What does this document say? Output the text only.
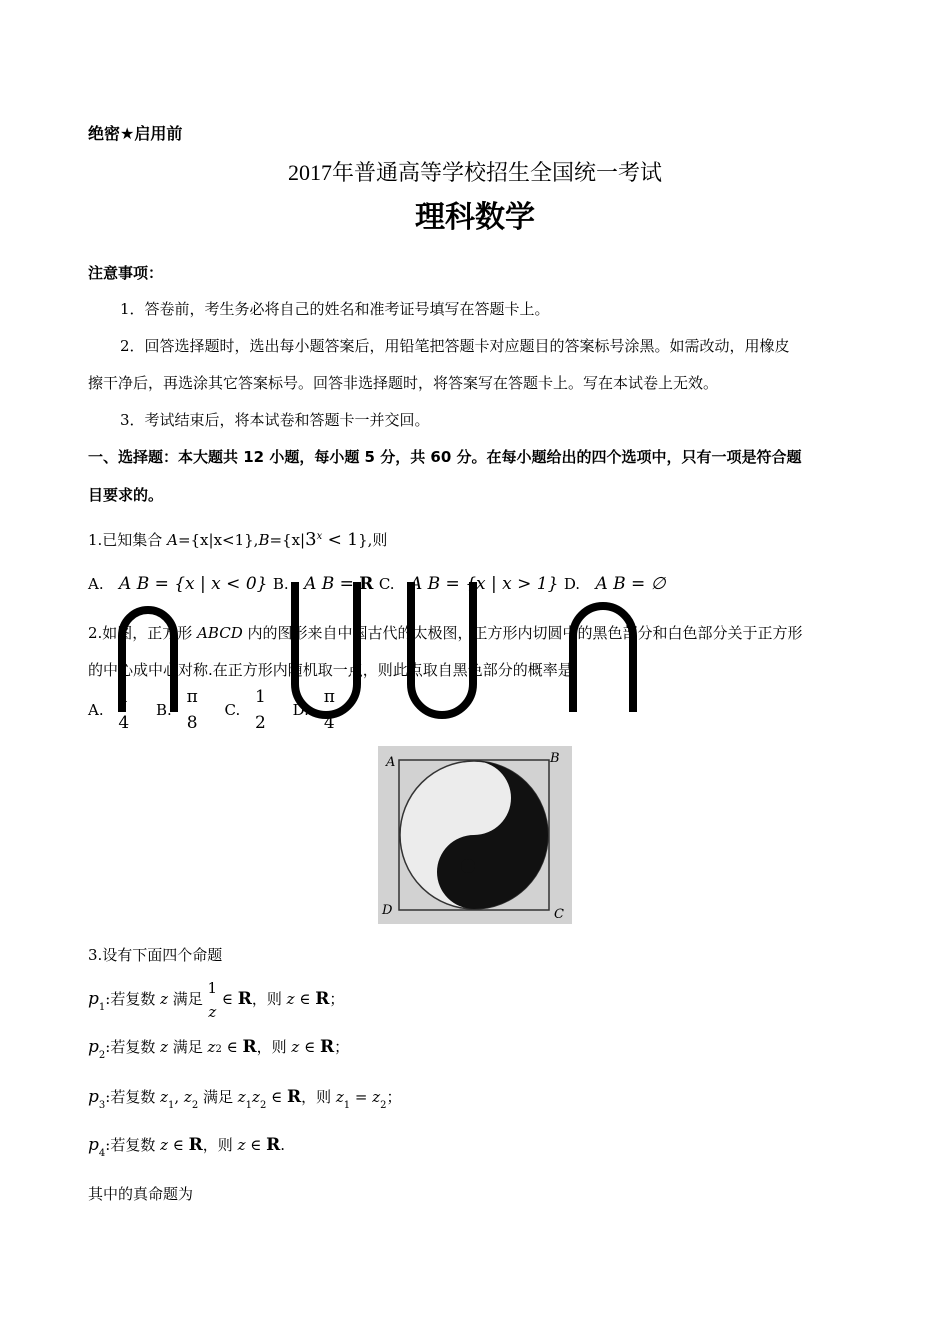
绝密★启用前
2017年普通高等学校招生全国统一考试
理科数学
注意事项：
1．答卷前，考生务必将自己的姓名和准考证号填写在答题卡上。
2．回答选择题时，选出每小题答案后，用铅笔把答题卡对应题目的答案标号涂黑。如需改动，用橡皮
擦干净后，再选涂其它答案标号。回答非选择题时，将答案写在答题卡上。写在本试卷上无效。
3．考试结束后，将本试卷和答题卡一并交回。
一、选择题：本大题共 12 小题，每小题 5 分，共 60 分。在每小题给出的四个选项中，只有一项是符合题
目要求的。
1.已知集合 $A=\{x|x<1\},B=\{x|3^x < 1\}$,则
A. A B = {x | x < 0} B. A B = R C. A B = {x | x > 1} D. A B = ∅
2.如图，正方形 ABCD 内的图形来自中国古代的太极图，正方形内切圆中的黑色部分和白色部分关于正方形
的中心成中心对称.在正方形内随机取一点，则此点取自黑色部分的概率是
A.
1
4
B.
π
8
C.
1
2
D.
π
4
A	B
C
D
3.设有下面四个命题
$p_1$:若复数 z 满足
1
z
∈ R，则 z ∈ R；
$p_2$:若复数 z 满足 z2 ∈ R，则 z ∈ R；
$p_3$:若复数 $z_1$, $z_2$ 满足 $z_1z_2$ ∈ R，则 $z_1 = z_2$；
$p_4$:若复数 z ∈ R，则 z ∈ R.
其中的真命题为
